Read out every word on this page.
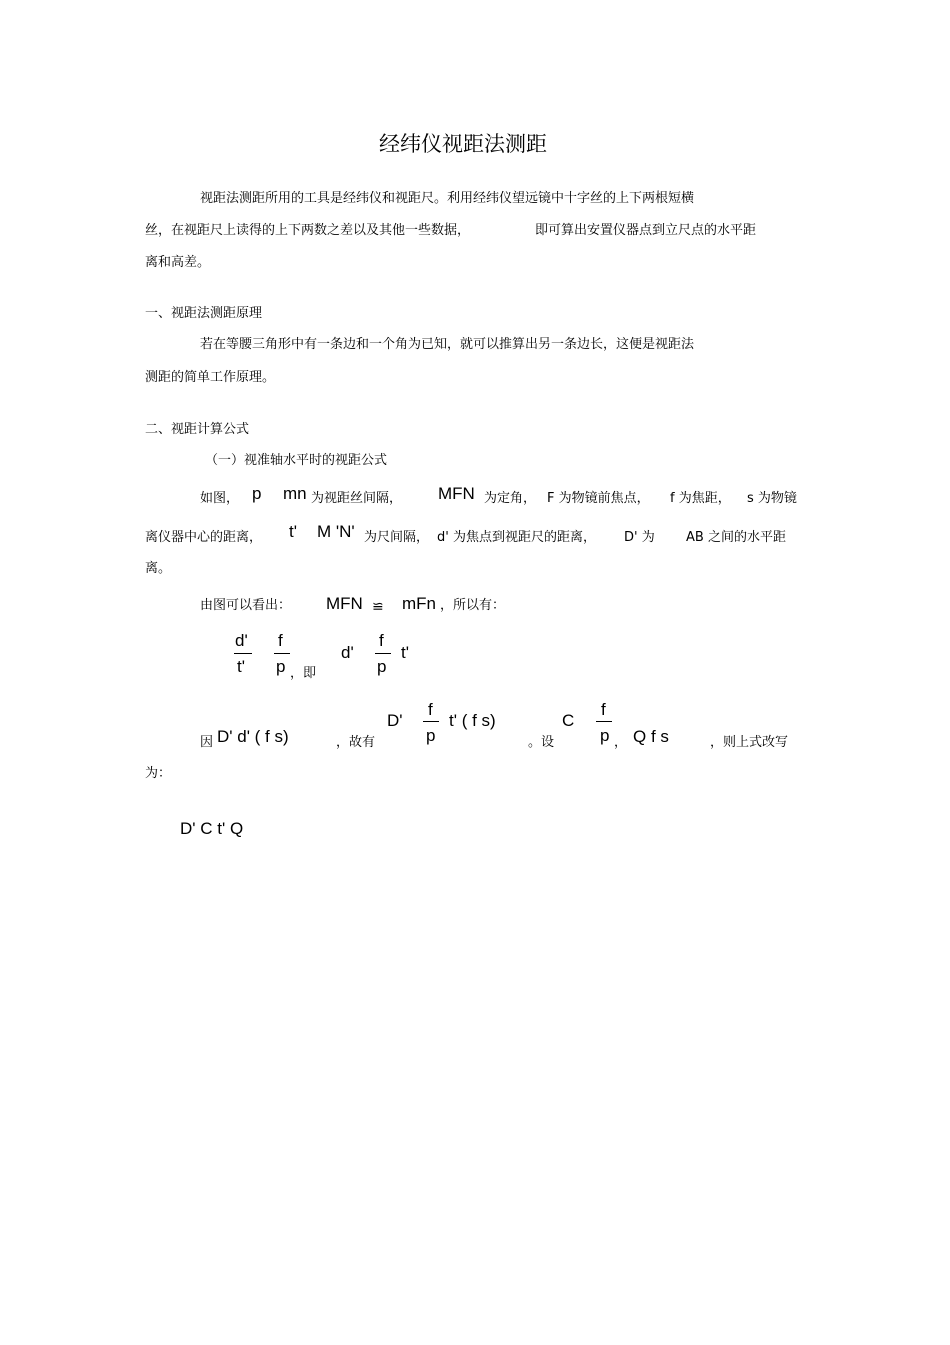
经纬仪视距法测距
视距法测距所用的工具是经纬仪和视距尺。利用经纬仪望远镜中十字丝的上下两根短横
丝，在视距尺上读得的上下两数之差以及其他一些数据，	即可算出安置仪器点到立尺点的水平距
离和高差。
一、视距法测距原理
若在等腰三角形中有一条边和一个角为已知，就可以推算出另一条边长，这便是视距法
测距的简单工作原理。
二、视距计算公式
（一）视准轴水平时的视距公式
如图， p mn 为视距丝间隔， MFN 为定角， F 为物镜前焦点， f 为焦距， s 为物镜
离仪器中心的距离， t' M 'N' 为尺间隔， d' 为焦点到视距尺的距离， D' 为 AB 之间的水平距
离。
由图可以看出： MFN ≌ mFn ，所以有：
d'
t'
f
p ，即
d'
f
p
t'
因 D' d' ( f s)	，故有
D'
f
p
t' ( f s)
。设
C
f
p ， Q f s	，则上式改写
为：
D' C t' Q
